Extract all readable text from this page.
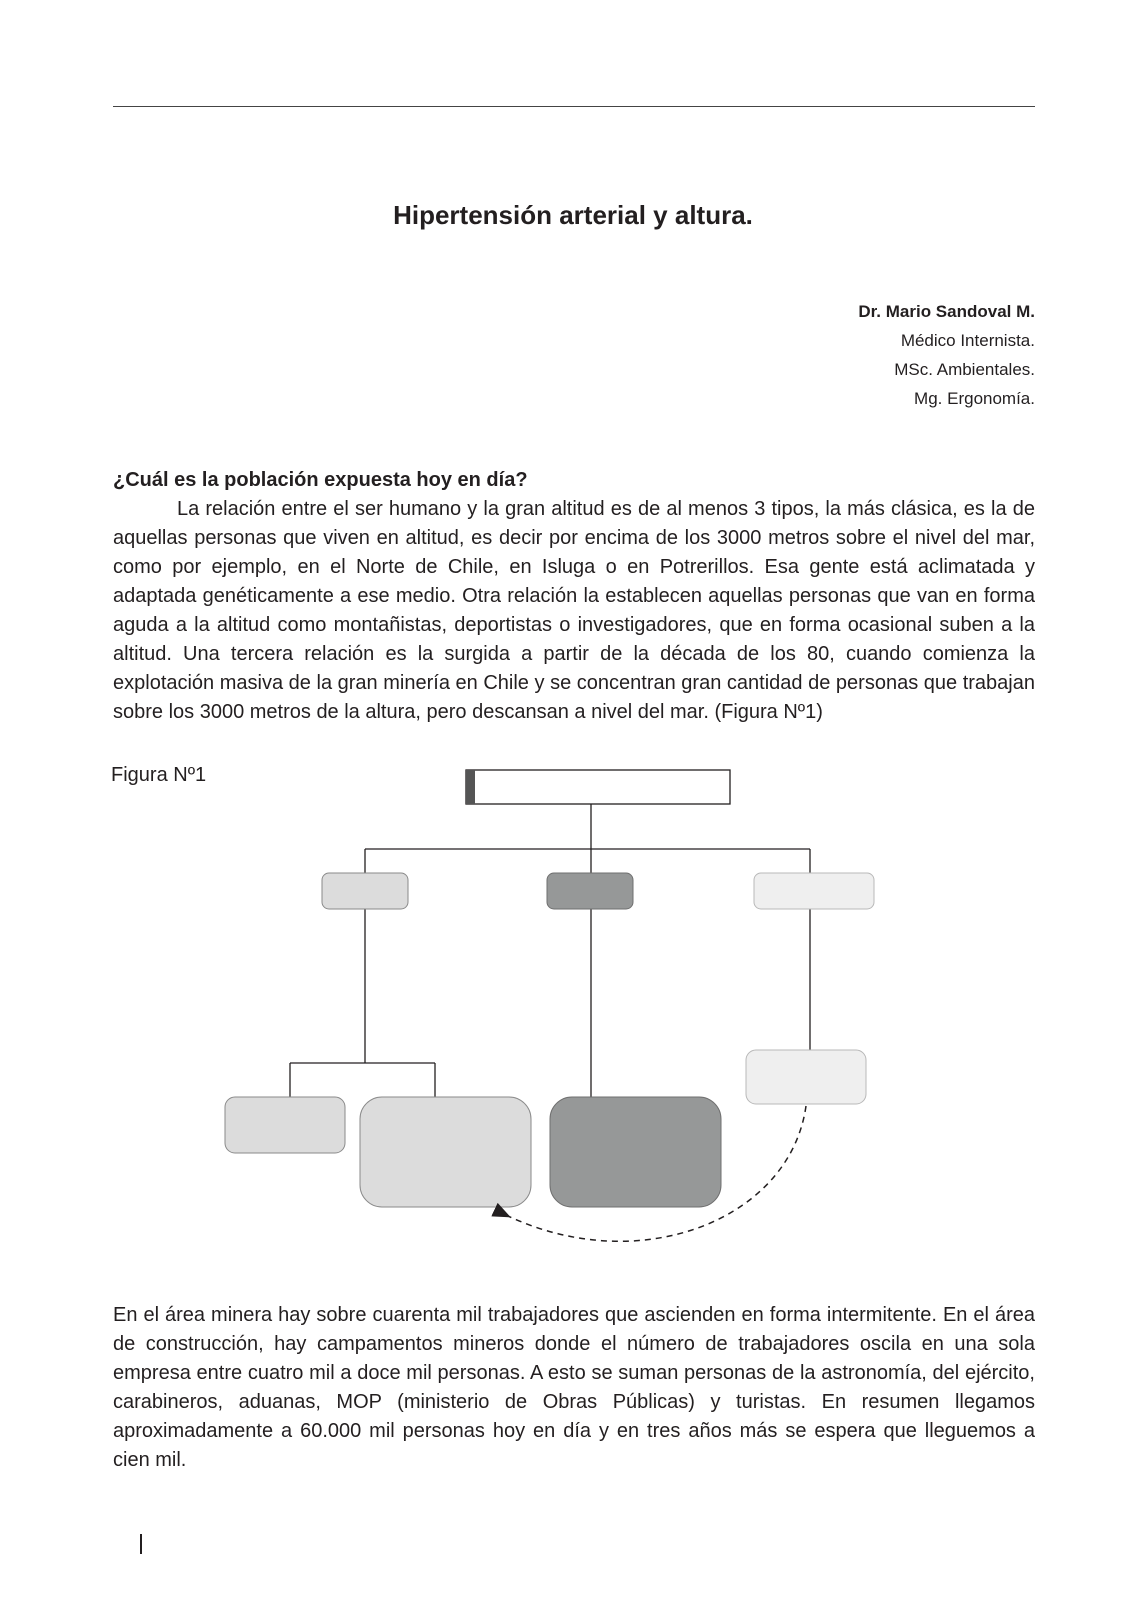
Hipertensión arterial y altura.
Dr. Mario Sandoval M.
Médico Internista.
MSc. Ambientales.
Mg. Ergonomía.
¿Cuál es la población expuesta hoy en día?

La relación entre el ser humano y la gran altitud es de al menos 3 tipos, la más clásica, es la de aquellas personas que viven en altitud, es decir por encima de los 3000 metros sobre el nivel del mar, como por ejemplo, en el Norte de Chile, en Isluga o en Potrerillos. Esa gente está aclimatada y adaptada genéticamente a ese medio. Otra relación la establecen aquellas personas que van en forma aguda a la altitud como montañistas, deportistas o investigadores, que en forma ocasional suben a la altitud. Una tercera relación es la surgida a partir de la década de los 80, cuando comienza la explotación masiva de la gran minería en Chile y se concentran gran cantidad de personas que trabajan sobre los 3000 metros de la altura, pero descansan a nivel del mar. (Figura Nº1)

Figura Nº1

En el área minera hay sobre cuarenta mil trabajadores que ascienden en forma intermitente. En el área de construcción, hay campamentos mineros donde el número de trabajadores oscila en una sola empresa entre cuatro mil a doce mil personas. A esto se suman personas de la astronomía, del ejército, carabineros, aduanas, MOP (ministerio de Obras Públicas) y turistas. En resumen llegamos aproximadamente a 60.000 mil personas hoy en día y en tres años más se espera que lleguemos a cien mil.
